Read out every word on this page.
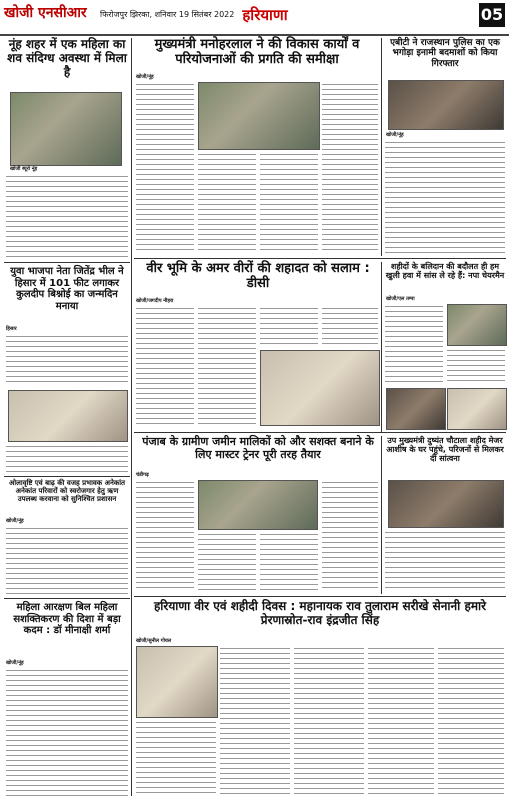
खोजी एनसीआर फिरोजपुर झिरका, शनिवार 19 सितंबर 2022 हरियाणा	05
नूंह शहर में एक महिला का शव संदिग्ध अवस्था में मिला है
खोजी ब्यूरो नूंह
युवा भाजपा नेता जितेंद्र भील ने हिसार में 101 फीट लगाकर कुलदीप बिश्नोई का जन्मदिन मनाया
हिसार
ओलावृष्टि एवं बाढ़ की वजह प्रभावक अनेकांत अनेकांत परिवारों को स्वरोजगार हेतु ऋण उपलब्ध करवाना को सुनिश्चित प्रशासन
खोजी/नूंह
महिला आरक्षण बिल महिला सशक्तिकरण की दिशा में बड़ा कदम : डॉ मीनाक्षी शर्मा
खोजी/नूंह
मुख्यमंत्री मनोहरलाल ने की विकास कार्यों व परियोजनाओं की प्रगति की समीक्षा
खोजी/नूंह
एबीटी ने राजस्थान पुलिस का एक भगोड़ा इनामी बदमाशों को किया गिरफ्तार
खोजी/नूंह
वीर भूमि के अमर वीरों की शहादत को सलाम : डीसी
खोजी/जगदीप नौहरा
शहीदों के बलिदान की बदौलत ही हम खुली हवा में सांस ले रहे हैं: नपा चेयरमैन
खोजी/एल तम्पा
पंजाब के ग्रामीण जमीन मालिकों को और सशक्त बनाने के लिए मास्टर ट्रेनर पूरी तरह तैयार
चंडीगढ़
उप मुख्यमंत्री दुष्यंत चौटाला शहीद मेजर आशीष के घर पहुंचे, परिजनों से मिलकर दी सांत्वना
हरियाणा वीर एवं शहीदी दिवस : महानायक राव तुलाराम सरीखे सेनानी हमारे प्रेरणास्रोत-राव इंद्रजीत सिंह
खोजी/सुनील गोयल
